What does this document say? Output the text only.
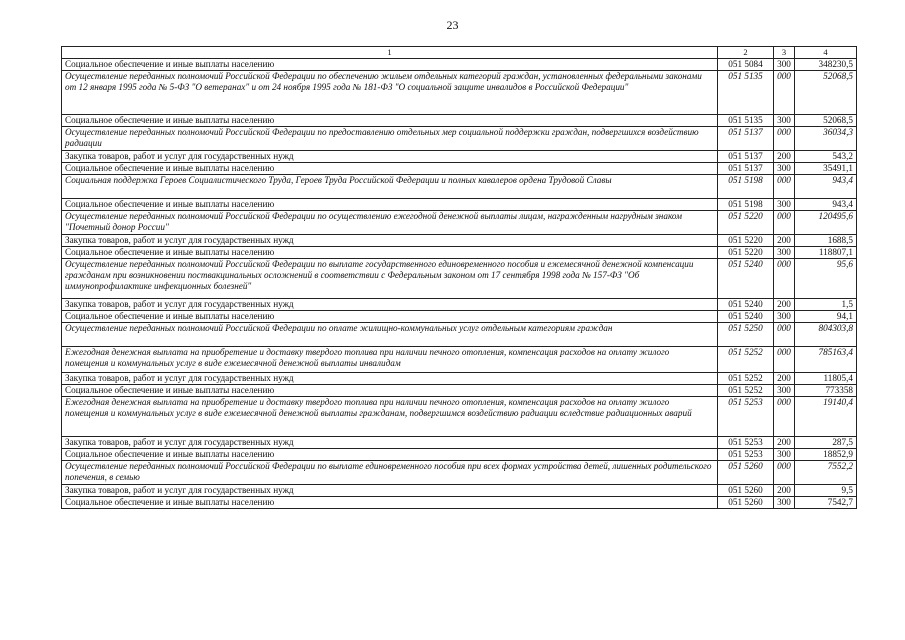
23
1	2	3	4
Социальное обеспечение и иные выплаты населению	051 5084	300	348230,5
Осуществление переданных полномочий Российской Федерации по обеспечению жильем отдельных категорий граждан, установленных федеральными законами от 12 января 1995 года № 5-ФЗ "О ветеранах" и от 24 ноября 1995 года № 181-ФЗ "О социальной защите инвалидов в Российской Федерации"	051 5135	000	52068,5
Социальное обеспечение и иные выплаты населению	051 5135	300	52068,5
Осуществление переданных полномочий Российской Федерации по предоставлению отдельных мер социальной поддержки граждан, подвергшихся воздействию радиации	051 5137	000	36034,3
Закупка товаров, работ и услуг для государственных нужд	051 5137	200	543,2
Социальное обеспечение и иные выплаты населению	051 5137	300	35491,1
Социальная поддержка Героев Социалистического Труда, Героев Труда Российской Федерации и полных кавалеров ордена Трудовой Славы	051 5198	000	943,4
Социальное обеспечение и иные выплаты населению	051 5198	300	943,4
Осуществление переданных полномочий Российской Федерации по осуществлению ежегодной денежной выплаты лицам, награжденным нагрудным знаком "Почетный донор России"	051 5220	000	120495,6
Закупка товаров, работ и услуг для государственных нужд	051 5220	200	1688,5
Социальное обеспечение и иные выплаты населению	051 5220	300	118807,1
Осуществление переданных полномочий Российской Федерации по выплате государственного единовременного пособия и ежемесячной денежной компенсации гражданам при возникновении поствакцинальных осложнений в соответствии с Федеральным законом от 17 сентября 1998 года № 157-ФЗ "Об иммунопрофилактике инфекционных болезней"	051 5240	000	95,6
Закупка товаров, работ и услуг для государственных нужд	051 5240	200	1,5
Социальное обеспечение и иные выплаты населению	051 5240	300	94,1
Осуществление переданных полномочий Российской Федерации по оплате жилищно-коммунальных услуг отдельным категориям граждан	051 5250	000	804303,8
Ежегодная денежная выплата на приобретение и доставку твердого топлива при наличии печного отопления, компенсация расходов на оплату жилого помещения и коммунальных услуг в виде ежемесячной денежной выплаты инвалидам	051 5252	000	785163,4
Закупка товаров, работ и услуг для государственных нужд	051 5252	200	11805,4
Социальное обеспечение и иные выплаты населению	051 5252	300	773358
Ежегодная денежная выплата на приобретение и доставку твердого топлива при наличии печного отопления, компенсация расходов на оплату жилого помещения и коммунальных услуг в виде ежемесячной денежной выплаты гражданам, подвергшимся воздействию радиации вследствие радиационных аварий	051 5253	000	19140,4
Закупка товаров, работ и услуг для государственных нужд	051 5253	200	287,5
Социальное обеспечение и иные выплаты населению	051 5253	300	18852,9
Осуществление переданных полномочий Российской Федерации по выплате единовременного пособия при всех формах устройства детей, лишенных родительского попечения, в семью	051 5260	000	7552,2
Закупка товаров, работ и услуг для государственных нужд	051 5260	200	9,5
Социальное обеспечение и иные выплаты населению	051 5260	300	7542,7
